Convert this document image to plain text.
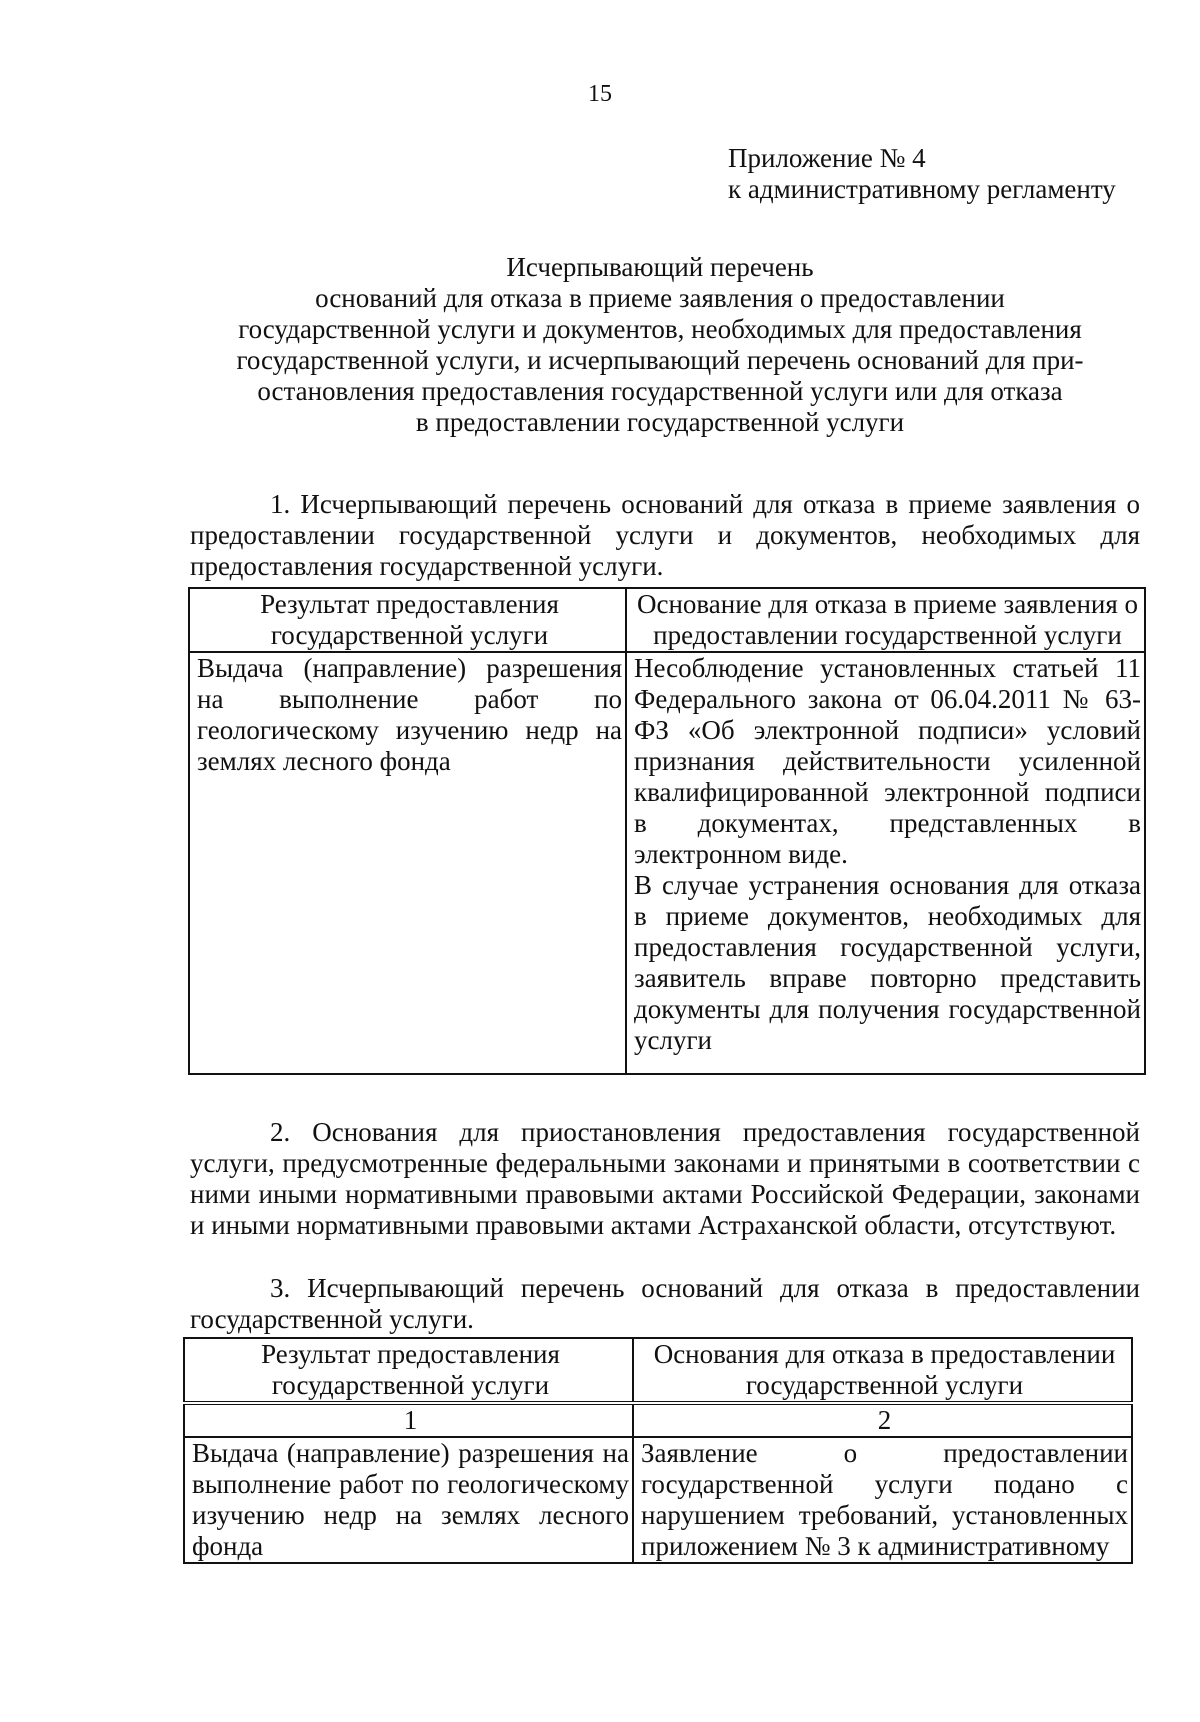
15
Приложение № 4
к административному регламенту
Исчерпывающий перечень
оснований для отказа в приеме заявления о предоставлении
государственной услуги и документов, необходимых для предоставления
государственной услуги, и исчерпывающий перечень оснований для при-
остановления предоставления государственной услуги или для отказа
в предоставлении государственной услуги
1. Исчерпывающий перечень оснований для отказа в приеме заявления о предоставлении государственной услуги и документов, необходимых для предоставления государственной услуги.
Результат предоставления государственной услуги	Основание для отказа в приеме заявления о предоставлении государственной услуги

Выдача (направление) разрешения на выполнение работ по геологическому изучению недр на землях лесного фонда	Несоблюдение установленных статьей 11 Федерального закона от 06.04.2011 № 63-ФЗ «Об электронной подписи» условий признания действительности усиленной квалифицированной электронной подписи в документах, представленных в электронном виде.
В случае устранения основания для отказа в приеме документов, необходимых для предоставления государственной услуги, заявитель вправе повторно представить документы для получения государственной услуги
2. Основания для приостановления предоставления государственной услуги, предусмотренные федеральными законами и принятыми в соответствии с ними иными нормативными правовыми актами Российской Федерации, законами и иными нормативными правовыми актами Астраханской области, отсутствуют.
3. Исчерпывающий перечень оснований для отказа в предоставлении государственной услуги.
Результат предоставления государственной услуги	Основания для отказа в предоставлении государственной услуги
1	2
Выдача (направление) разрешения на выполнение работ по геологическому изучению недр на землях лесного фонда	Заявление о предоставлении государственной услуги подано с нарушением требований, установленных приложением № 3 к административному
